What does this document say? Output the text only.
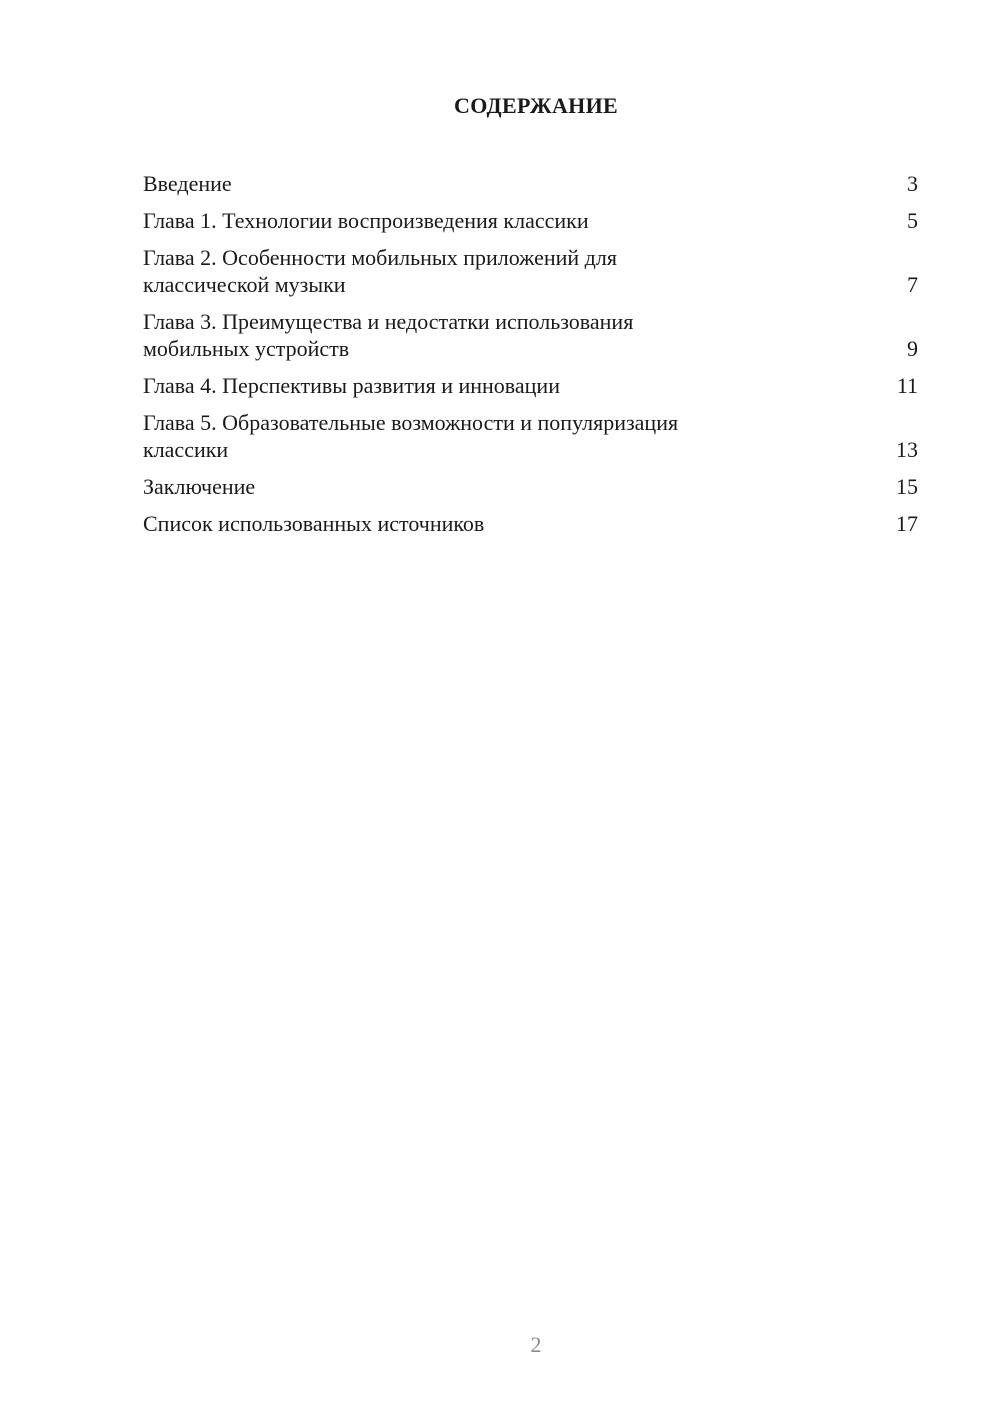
СОДЕРЖАНИЕ
Введение	3
Глава 1. Технологии воспроизведения классики	5
Глава 2. Особенности мобильных приложений для
классической музыки	7
Глава 3. Преимущества и недостатки использования
мобильных устройств	9
Глава 4. Перспективы развития и инновации	11
Глава 5. Образовательные возможности и популяризация
классики	13
Заключение	15
Список использованных источников	17
2
